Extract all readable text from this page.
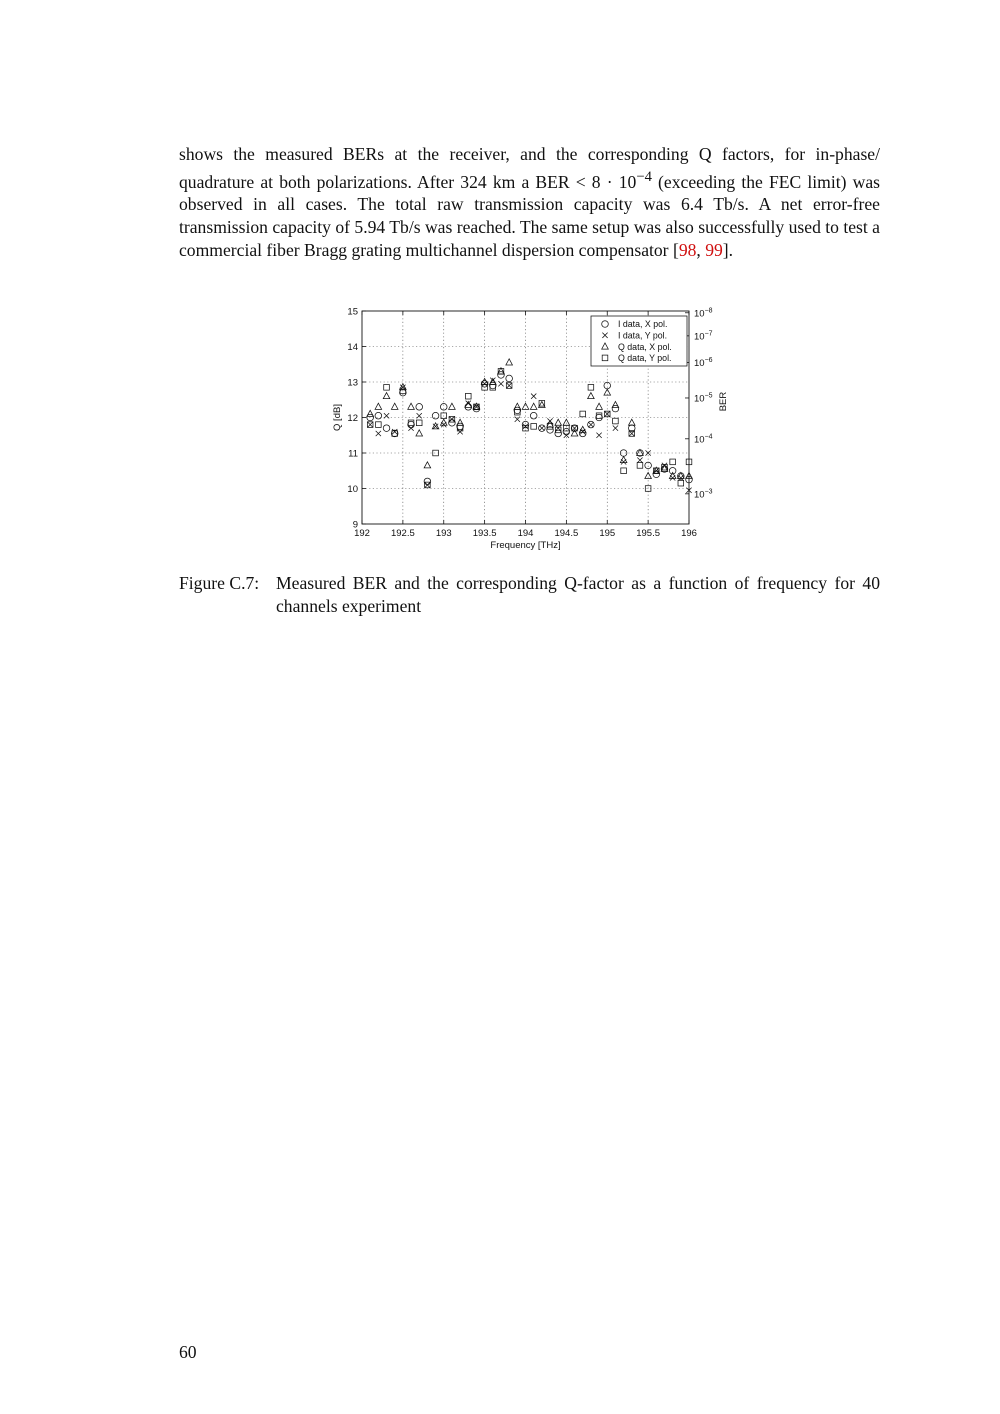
shows the measured BERs at the receiver, and the corresponding Q factors, for in-phase/ quadrature at both polarizations. After 324 km a BER < $8 \cdot 10^{-4}$ (exceeding the FEC limit) was observed in all cases. The total raw transmission capacity was 6.4 Tb/s. A net error-free transmission capacity of 5.94 Tb/s was reached. The same setup was also successfully used to test a commercial fiber Bragg grating multichannel dispersion compensator [98, 99].

192 192.5 193 193.5 194 194.5 195 195.5 196
9
10
11
12
13
14
15	$10^{-8}$
$10^{-7}$
$10^{-6}$
$10^{-5}$
$10^{-4}$
$10^{-3}$
Frequency [THz]
Q [dB]
BER
I data, X pol.
I data, Y pol.
Q data, X pol.
Q data, Y pol.

Figure C.7: Measured BER and the corresponding Q-factor as a function of frequency for 40 channels experiment

60
